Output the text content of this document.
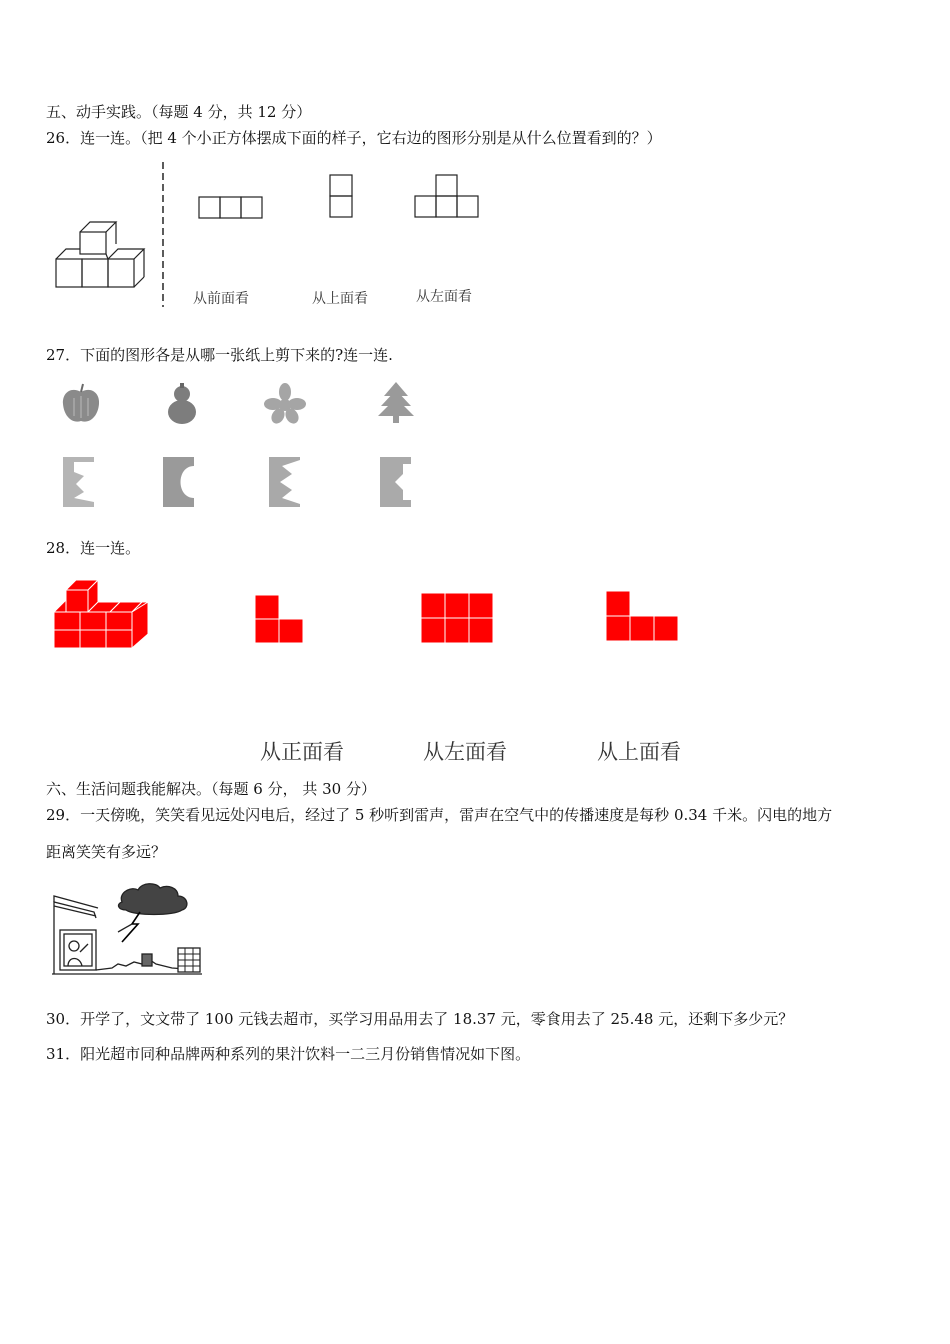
五、动手实践。（每题 4 分，共 12 分）
26．连一连。（把 4 个小正方体摆成下面的样子，它右边的图形分别是从什么位置看到的？）
从前面看	从上面看	从左面看
27．下面的图形各是从哪一张纸上剪下来的?连一连.
28．连一连。
从正面看	从左面看	从上面看
六、生活问题我能解决。（每题 6 分， 共 30 分）
29．一天傍晚，笑笑看见远处闪电后，经过了 5 秒听到雷声，雷声在空气中的传播速度是每秒 0.34 千米。闪电的地方
距离笑笑有多远？
30．开学了，文文带了 100 元钱去超市，买学习用品用去了 18.37 元，零食用去了 25.48 元，还剩下多少元？
31．阳光超市同种品牌两种系列的果汁饮料一二三月份销售情况如下图。
